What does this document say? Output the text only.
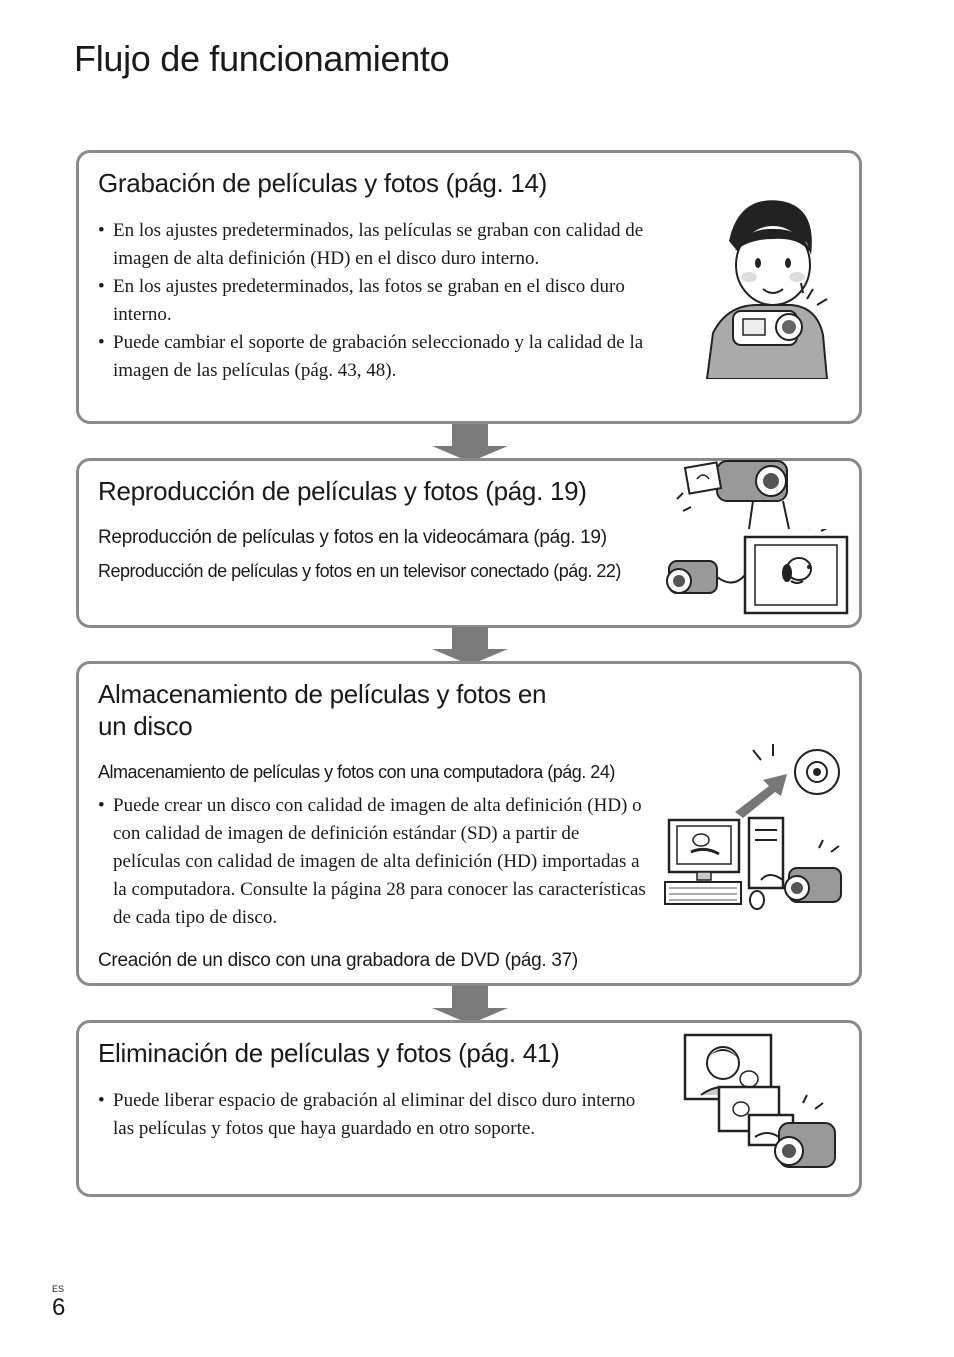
Flujo de funcionamiento
Grabación de películas y fotos (pág. 14)
• En los ajustes predeterminados, las películas se graban con calidad de imagen de alta definición (HD) en el disco duro interno.
• En los ajustes predeterminados, las fotos se graban en el disco duro interno.
• Puede cambiar el soporte de grabación seleccionado y la calidad de la imagen de las películas (pág. 43, 48).
Reproducción de películas y fotos (pág. 19)
Reproducción de películas y fotos en la videocámara (pág. 19)
Reproducción de películas y fotos en un televisor conectado (pág. 22)
Almacenamiento de películas y fotos en
un disco
Almacenamiento de películas y fotos con una computadora (pág. 24)
• Puede crear un disco con calidad de imagen de alta definición (HD) o con calidad de imagen de definición estándar (SD) a partir de películas con calidad de imagen de alta definición (HD) importadas a la computadora. Consulte la página 28 para conocer las características de cada tipo de disco.
Creación de un disco con una grabadora de DVD (pág. 37)
Eliminación de películas y fotos (pág. 41)
• Puede liberar espacio de grabación al eliminar del disco duro interno las películas y fotos que haya guardado en otro soporte.
ES
6
